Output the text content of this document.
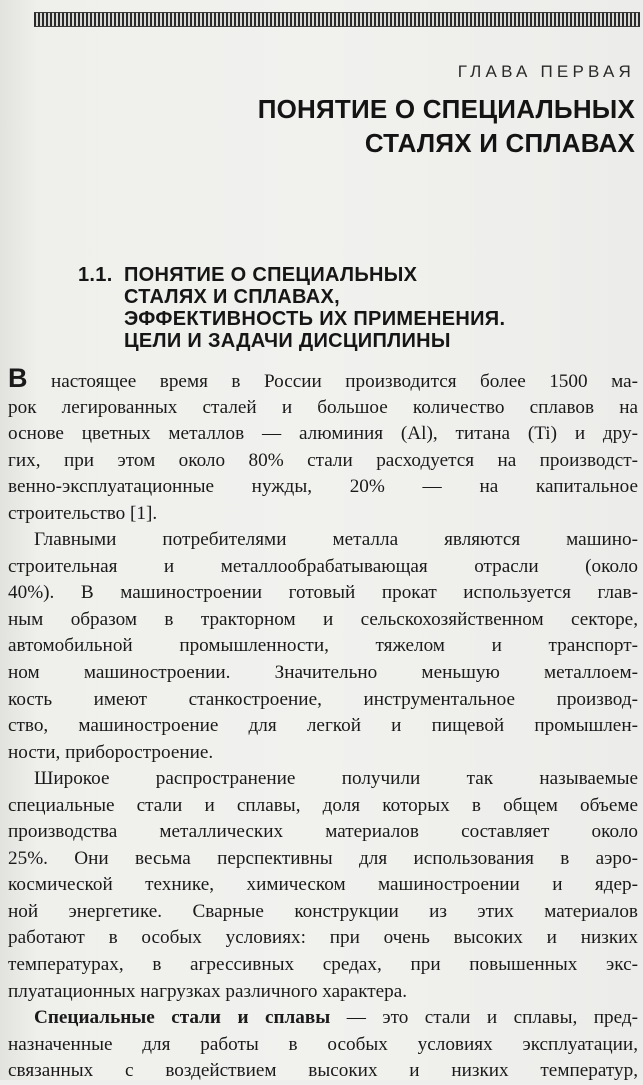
ГЛАВА ПЕРВАЯ
ПОНЯТИЕ О СПЕЦИАЛЬНЫХ
СТАЛЯХ И СПЛАВАХ
1.1. ПОНЯТИЕ О СПЕЦИАЛЬНЫХ
СТАЛЯХ И СПЛАВАХ,
ЭФФЕКТИВНОСТЬ ИХ ПРИМЕНЕНИЯ.
ЦЕЛИ И ЗАДАЧИ ДИСЦИПЛИНЫ
В настоящее время в России производится более 1500 ма-
рок легированных сталей и большое количество сплавов на
основе цветных металлов — алюминия (Al), титана (Ti) и дру-
гих, при этом около 80% стали расходуется на производст-
венно-эксплуатационные нужды, 20% — на капитальное
строительство [1].
Главными потребителями металла являются машино-
строительная и металлообрабатывающая отрасли (около
40%). В машиностроении готовый прокат используется глав-
ным образом в тракторном и сельскохозяйственном секторе,
автомобильной промышленности, тяжелом и транспорт-
ном машиностроении. Значительно меньшую металлоем-
кость имеют станкостроение, инструментальное производ-
ство, машиностроение для легкой и пищевой промышлен-
ности, приборостроение.
Широкое распространение получили так называемые
специальные стали и сплавы, доля которых в общем объеме
производства металлических материалов составляет около
25%. Они весьма перспективны для использования в аэро-
космической технике, химическом машиностроении и ядер-
ной энергетике. Сварные конструкции из этих материалов
работают в особых условиях: при очень высоких и низких
температурах, в агрессивных средах, при повышенных экс-
плуатационных нагрузках различного характера.
Специальные стали и сплавы — это стали и сплавы, пред-
назначенные для работы в особых условиях эксплуатации,
связанных с воздействием высоких и низких температур,
